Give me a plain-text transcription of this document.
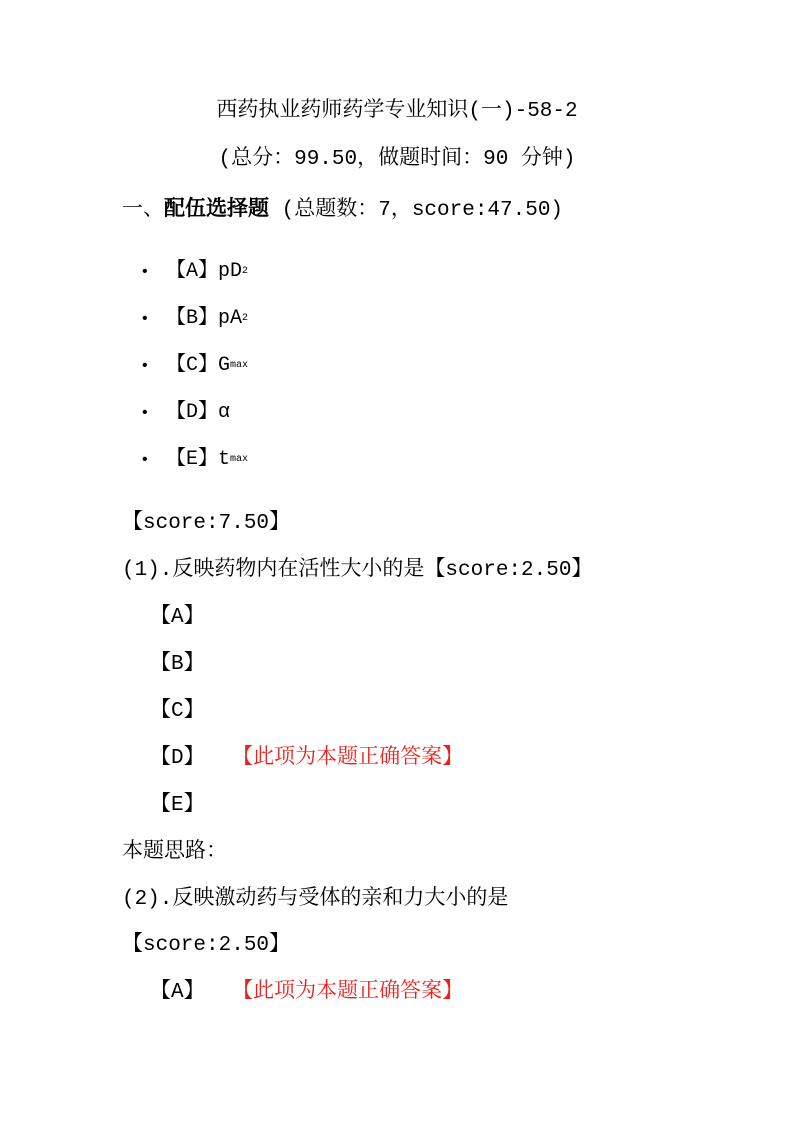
西药执业药师药学专业知识(一)-58-2
(总分：99.50，做题时间：90 分钟)
一、配伍选择题 (总题数：7，score:47.50)
• 【A】 pD 2
• 【B】 pA 2
• 【C】 G max
• 【D】 α
• 【E】 t max
【score:7.50】
(1).反映药物内在活性大小的是【score:2.50】
【A】
【B】
【C】
【D】 【此项为本题正确答案】
【E】
本题思路：
(2).反映激动药与受体的亲和力大小的是
【score:2.50】
【A】 【此项为本题正确答案】
